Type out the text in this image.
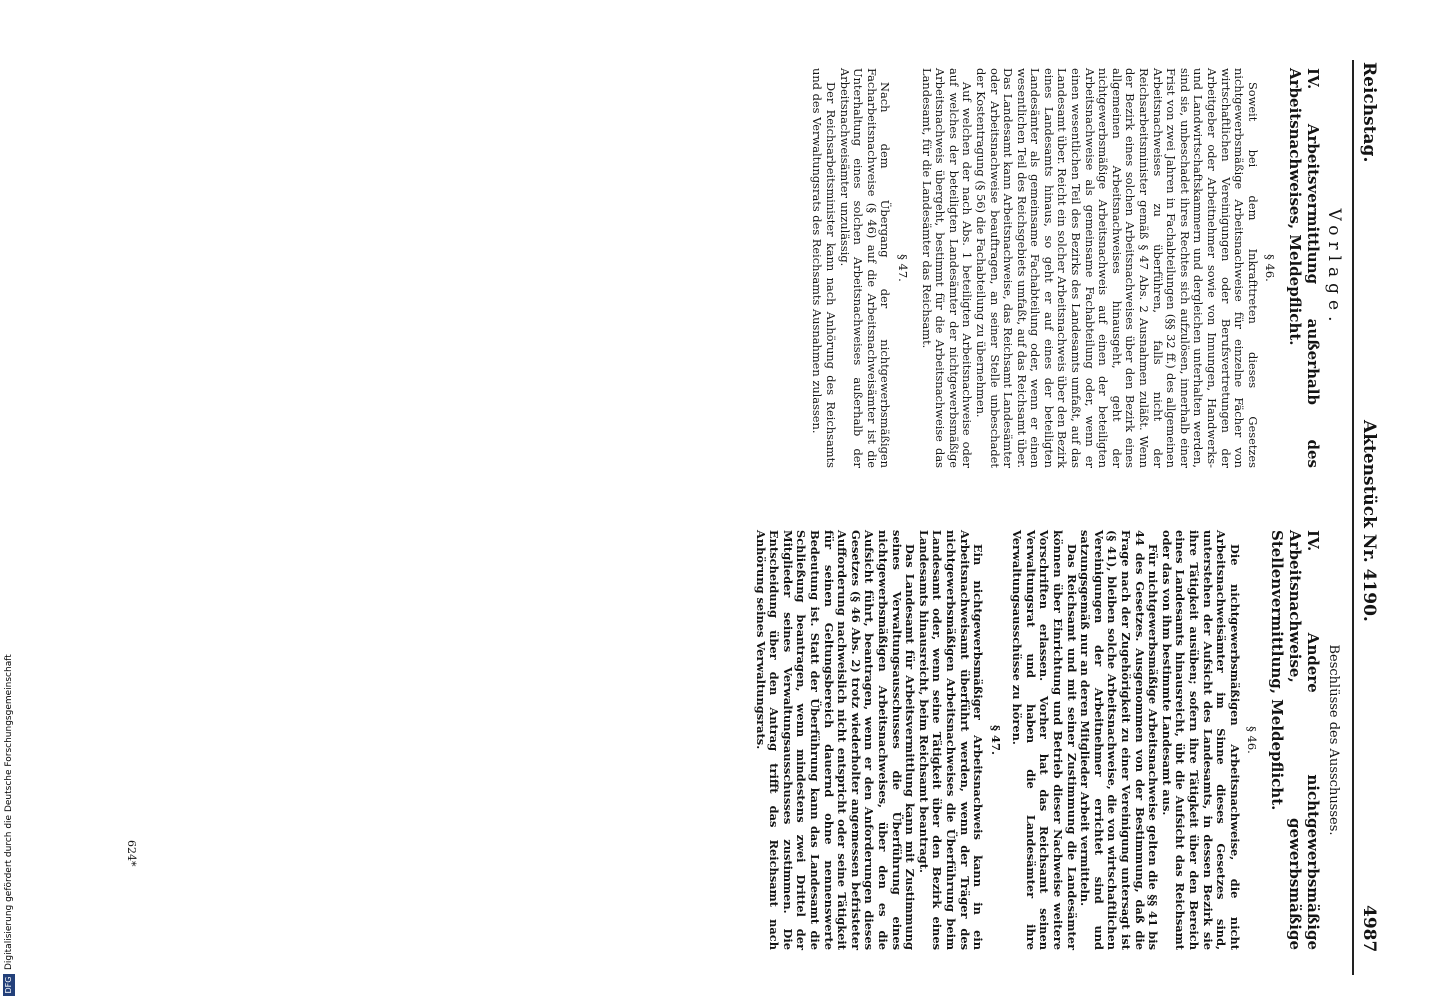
Reichstag.
Aktenstück Nr. 4190.
4987

Vorlage.

IV. Arbeitsvermittlung außerhalb des Arbeitsnachweises, Meldepflicht.

§ 46.

Soweit bei dem Inkrafttreten dieses Gesetzes nichtgewerbsmäßige Arbeitsnachweise für einzelne Fächer von wirtschaftlichen Vereinigungen oder Berufsvertretungen der Arbeitgeber oder Arbeitnehmer sowie von Innungen, Handwerks- und Landwirtschaftskammern und dergleichen unterhalten werden, sind sie, unbeschadet ihres Rechtes sich aufzulösen, innerhalb einer Frist von zwei Jahren in Fachabteilungen (§§ 32 ff.) des allgemeinen Arbeitsnachweises zu überführen, falls nicht der Reichsarbeitsminister gemäß § 47 Abs. 2 Ausnahmen zuläßt. Wenn der Bezirk eines solchen Arbeitsnachweises über den Bezirk eines allgemeinen Arbeitsnachweises hinausgeht, geht der nichtgewerbsmäßige Arbeitsnachweis auf einen der beteiligten Arbeitsnachweise als gemeinsame Fachabteilung oder, wenn er einen wesentlichen Teil des Bezirks des Landesamts umfaßt, auf das Landesamt über. Reicht ein solcher Arbeitsnachweis über den Bezirk eines Landesamts hinaus, so geht er auf eines der beteiligten Landesämter als gemeinsame Fachabteilung oder, wenn er einen wesentlichen Teil des Reichsgebiets umfaßt, auf das Reichsamt über. Das Landesamt kann Arbeitsnachweise, das Reichsamt Landesämter oder Arbeitsnachweise beauftragen, an seiner Stelle unbeschadet der Kostentragung (§ 56) die Fachabteilung zu übernehmen.

Auf welchen der nach Abs. 1 beteiligten Arbeitsnachweise oder auf welches der beteiligten Landesämter der nichtgewerbsmäßige Arbeitsnachweis übergeht, bestimmt für die Arbeitsnachweise das Landesamt, für die Landesämter das Reichsamt.

§ 47.

Nach dem Übergang der nichtgewerbsmäßigen Facharbeitsnachweise (§ 46) auf die Arbeitsnachweisämter ist die Unterhaltung eines solchen Arbeitsnachweises außerhalb der Arbeitsnachweisämter unzulässig.

Der Reichsarbeitsminister kann nach Anhörung des Reichsamts und des Verwaltungsrats des Reichsamts Ausnahmen zulassen.

Beschlüsse des Ausschusses.

IV. Andere nichtgewerbsmäßige Arbeitsnachweise, gewerbsmäßige Stellenvermittlung, Meldepflicht.

§ 46.

Die nichtgewerbsmäßigen Arbeitsnachweise, die nicht Arbeitsnachweisämter im Sinne dieses Gesetzes sind, unterstehen der Aufsicht des Landesamts, in dessen Bezirk sie ihre Tätigkeit ausüben; sofern ihre Tätigkeit über den Bereich eines Landesamts hinausreicht, übt die Aufsicht das Reichsamt oder das von ihm bestimmte Landesamt aus.

Für nichtgewerbsmäßige Arbeitsnachweise gelten die §§ 41 bis 44 des Gesetzes. Ausgenommen von der Bestimmung, daß die Frage nach der Zugehörigkeit zu einer Vereinigung untersagt ist (§ 41), bleiben solche Arbeitsnachweise, die von wirtschaftlichen Vereinigungen der Arbeitnehmer errichtet sind und satzungsgemäß nur an deren Mitglieder Arbeit vermitteln.

Das Reichsamt und mit seiner Zustimmung die Landesämter können über Einrichtung und Betrieb dieser Nachweise weitere Vorschriften erlassen. Vorher hat das Reichsamt seinen Verwaltungsrat und haben die Landesämter ihre Verwaltungsausschüsse zu hören.

§ 47.

Ein nichtgewerbsmäßiger Arbeitsnachweis kann in ein Arbeitsnachweisamt überführt werden, wenn der Träger des nichtgewerbsmäßigen Arbeitsnachweises die Überführung beim Landesamt oder, wenn seine Tätigkeit über den Bezirk eines Landesamts hinausreicht, beim Reichsamt beantragt.

Das Landesamt für Arbeitsvermittlung kann mit Zustimmung seines Verwaltungsausschusses die Überführung eines nichtgewerbsmäßigen Arbeitsnachweises, über den es die Aufsicht führt, beantragen, wenn er den Anforderungen dieses Gesetzes (§ 46 Abs. 2) trotz wiederholter angemessen befristeter Aufforderung nachweislich nicht entspricht oder seine Tätigkeit für seinen Geltungsbereich dauernd ohne nennenswerte Bedeutung ist. Statt der Überführung kann das Landesamt die Schließung beantragen, wenn mindestens zwei Drittel der Mitglieder seines Verwaltungsausschusses zustimmen. Die Entscheidung über den Antrag trifft das Reichsamt nach Anhörung seines Verwaltungsrats.

624*
DFGDigitalisierung gefördert durch die Deutsche Forschungsgemeinschaft
